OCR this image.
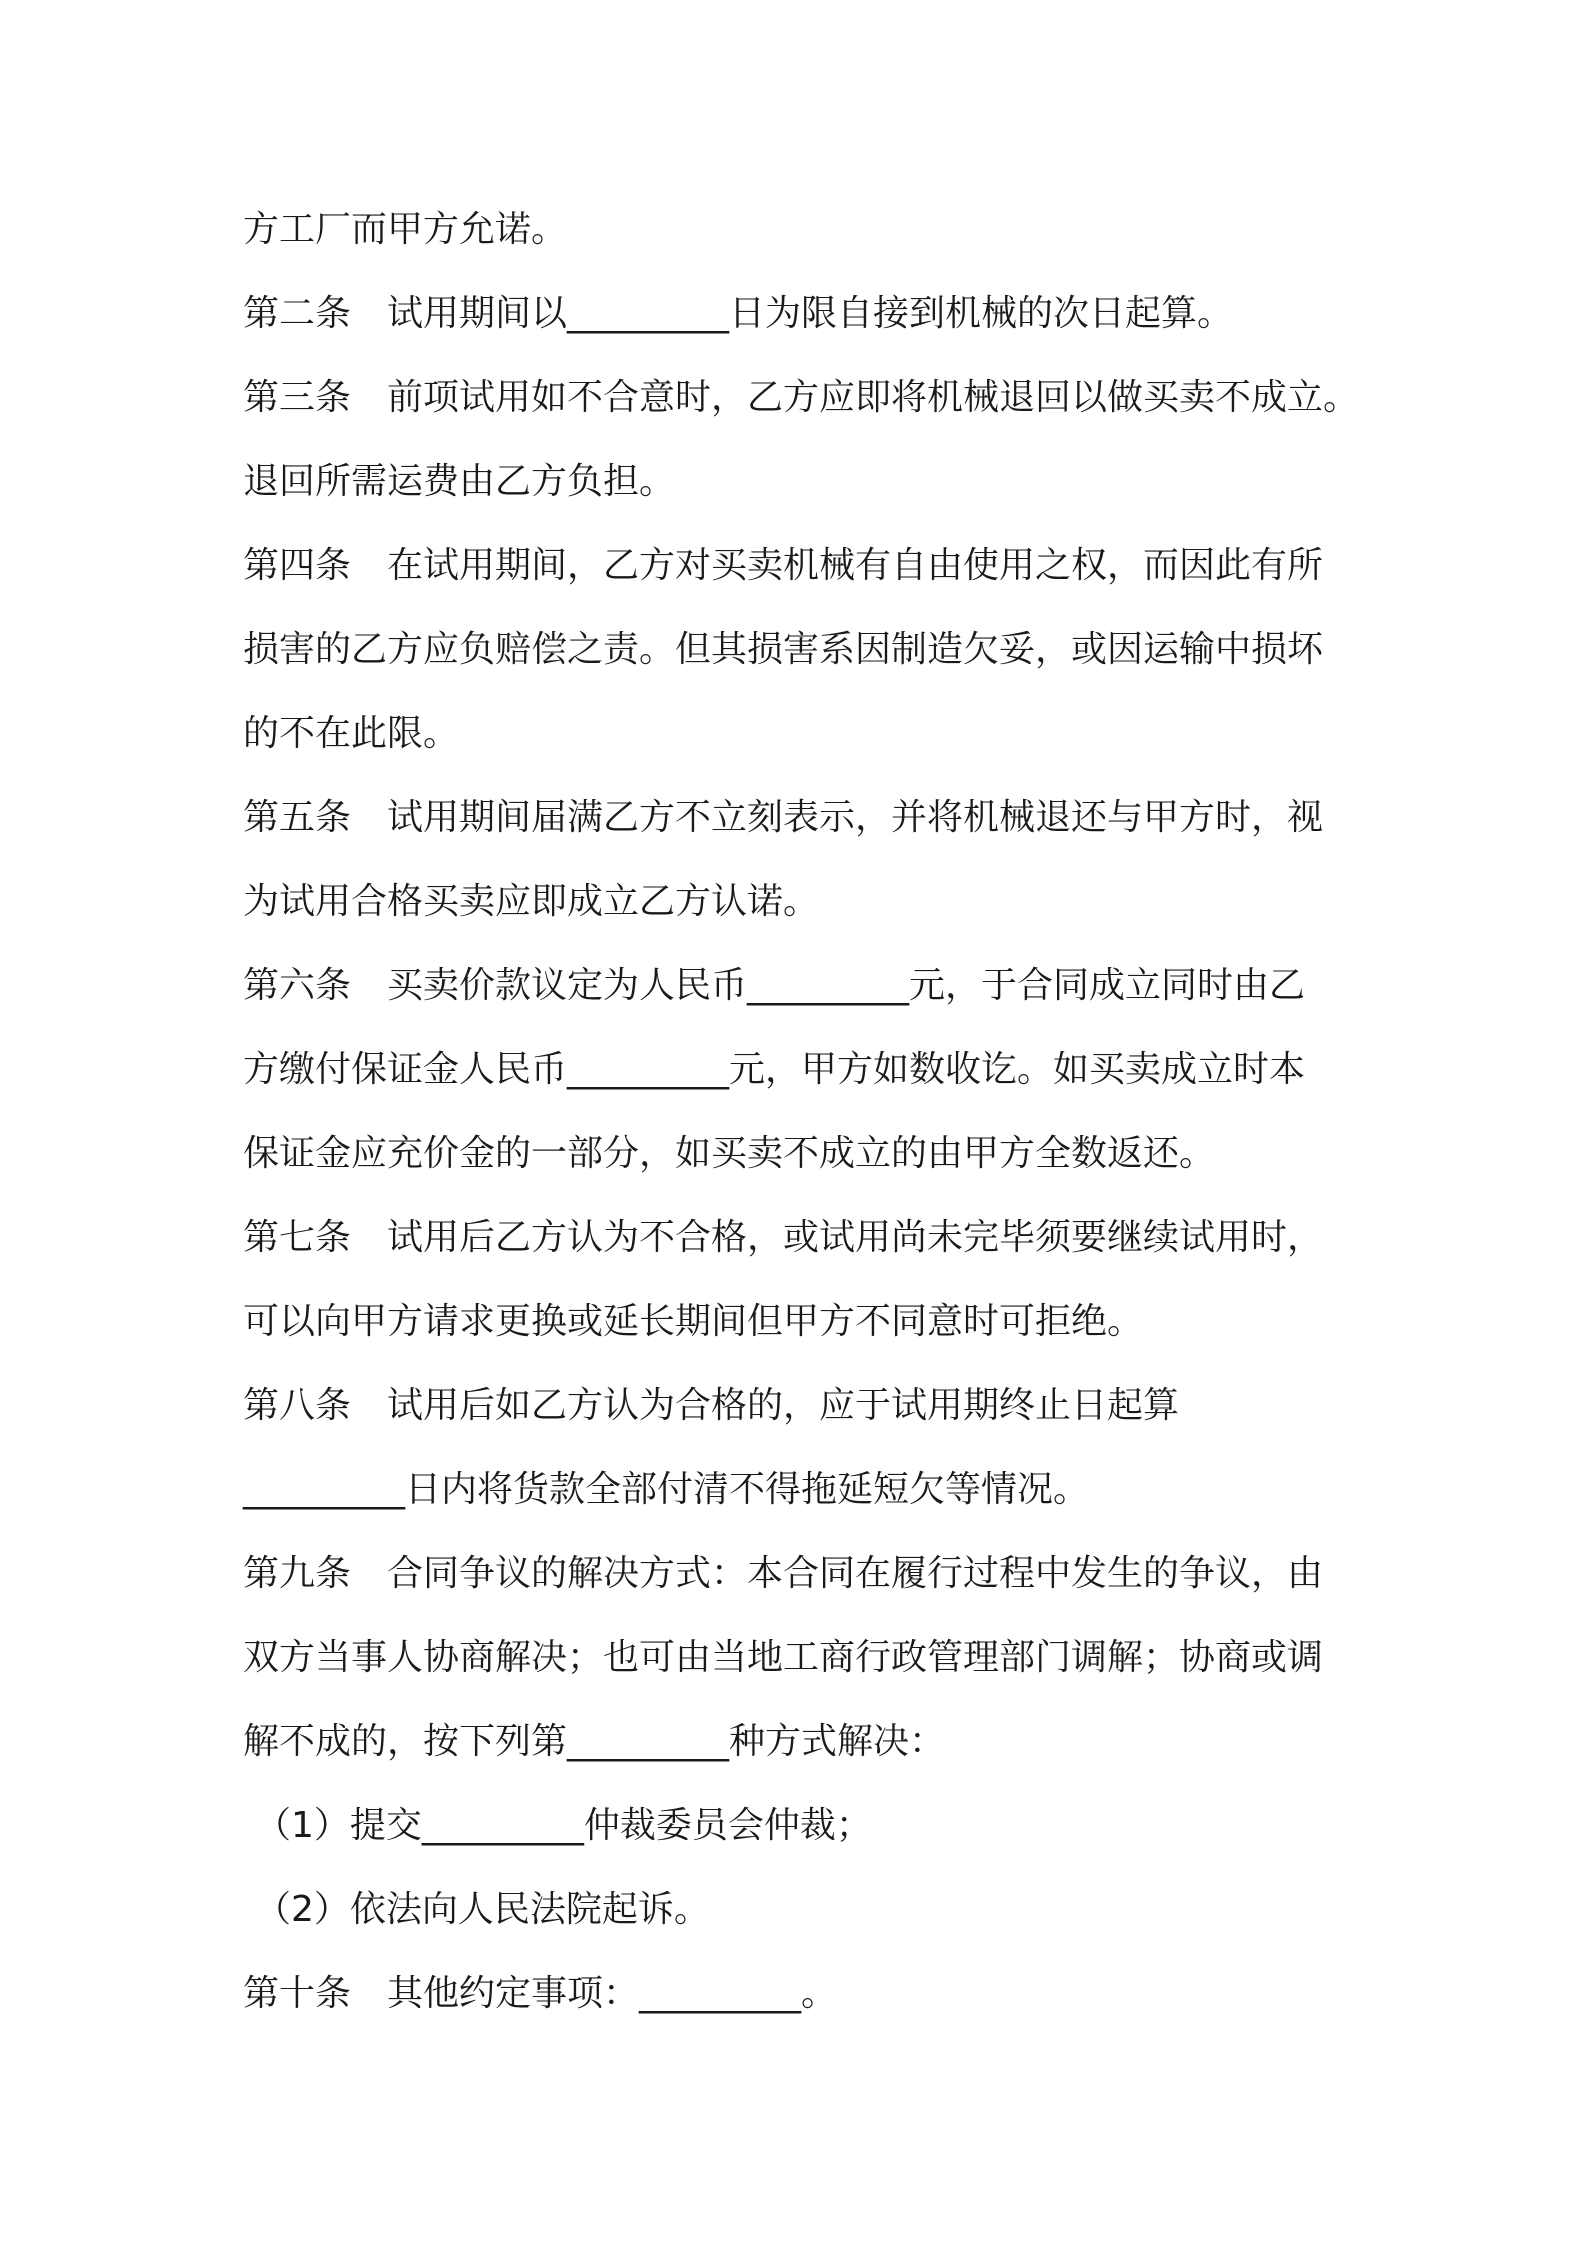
方工厂而甲方允诺。
第二条　试用期间以_________日为限自接到机械的次日起算。
第三条　前项试用如不合意时，乙方应即将机械退回以做买卖不成立。
退回所需运费由乙方负担。
第四条　在试用期间，乙方对买卖机械有自由使用之权，而因此有所
损害的乙方应负赔偿之责。但其损害系因制造欠妥，或因运输中损坏
的不在此限。
第五条　试用期间届满乙方不立刻表示，并将机械退还与甲方时，视
为试用合格买卖应即成立乙方认诺。
第六条　买卖价款议定为人民币_________元，于合同成立同时由乙
方缴付保证金人民币_________元，甲方如数收讫。如买卖成立时本
保证金应充价金的一部分，如买卖不成立的由甲方全数返还。
第七条　试用后乙方认为不合格，或试用尚未完毕须要继续试用时，
可以向甲方请求更换或延长期间但甲方不同意时可拒绝。
第八条　试用后如乙方认为合格的，应于试用期终止日起算
_________日内将货款全部付清不得拖延短欠等情况。
第九条　合同争议的解决方式：本合同在履行过程中发生的争议，由
双方当事人协商解决；也可由当地工商行政管理部门调解；协商或调
解不成的，按下列第_________种方式解决：
（1）提交_________仲裁委员会仲裁；
（2）依法向人民法院起诉。
第十条　其他约定事项：_________。
